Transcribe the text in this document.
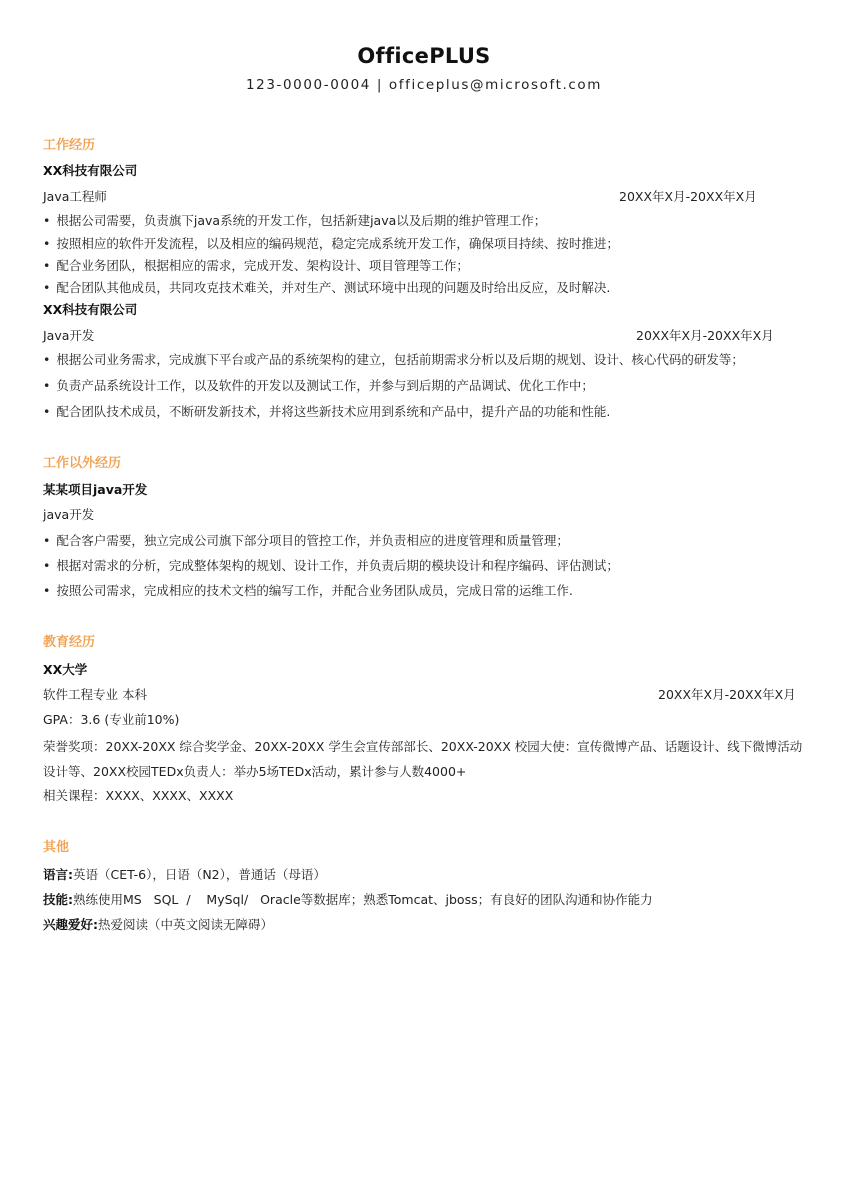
OfficePLUS
123-0000-0004 | officeplus@microsoft.com
工作经历
XX科技有限公司
Java工程师	20XX年X月-20XX年X月
• 根据公司需要，负责旗下java系统的开发工作，包括新建java以及后期的维护管理工作；
• 按照相应的软件开发流程，以及相应的编码规范，稳定完成系统开发工作，确保项目持续、按时推进；
• 配合业务团队，根据相应的需求，完成开发、架构设计、项目管理等工作；
• 配合团队其他成员，共同攻克技术难关，并对生产、测试环境中出现的问题及时给出反应，及时解决.
XX科技有限公司
Java开发	20XX年X月-20XX年X月
• 根据公司业务需求，完成旗下平台或产品的系统架构的建立，包括前期需求分析以及后期的规划、设计、核心代码的研发等；
• 负责产品系统设计工作，以及软件的开发以及测试工作，并参与到后期的产品调试、优化工作中；
• 配合团队技术成员，不断研发新技术，并将这些新技术应用到系统和产品中，提升产品的功能和性能.
工作以外经历
某某项目java开发
java开发
• 配合客户需要，独立完成公司旗下部分项目的管控工作，并负责相应的进度管理和质量管理；
• 根据对需求的分析，完成整体架构的规划、设计工作，并负责后期的模块设计和程序编码、评估测试；
• 按照公司需求，完成相应的技术文档的编写工作，并配合业务团队成员，完成日常的运维工作.
教育经历
XX大学
软件工程专业 本科	20XX年X月-20XX年X月
GPA：3.6 (专业前10%)
荣誉奖项：20XX-20XX 综合奖学金、20XX-20XX 学生会宣传部部长、20XX-20XX 校园大使：宣传微博产品、话题设计、线下微博活动设计等、20XX校园TEDx负责人：举办5场TEDx活动，累计参与人数4000+
相关课程：XXXX、XXXX、XXXX
其他
语言:英语（CET-6），日语（N2），普通话（母语）
技能:熟练使用MS   SQL  /    MySql/   Oracle等数据库；熟悉Tomcat、jboss；有良好的团队沟通和协作能力
兴趣爱好:热爱阅读（中英文阅读无障碍）
